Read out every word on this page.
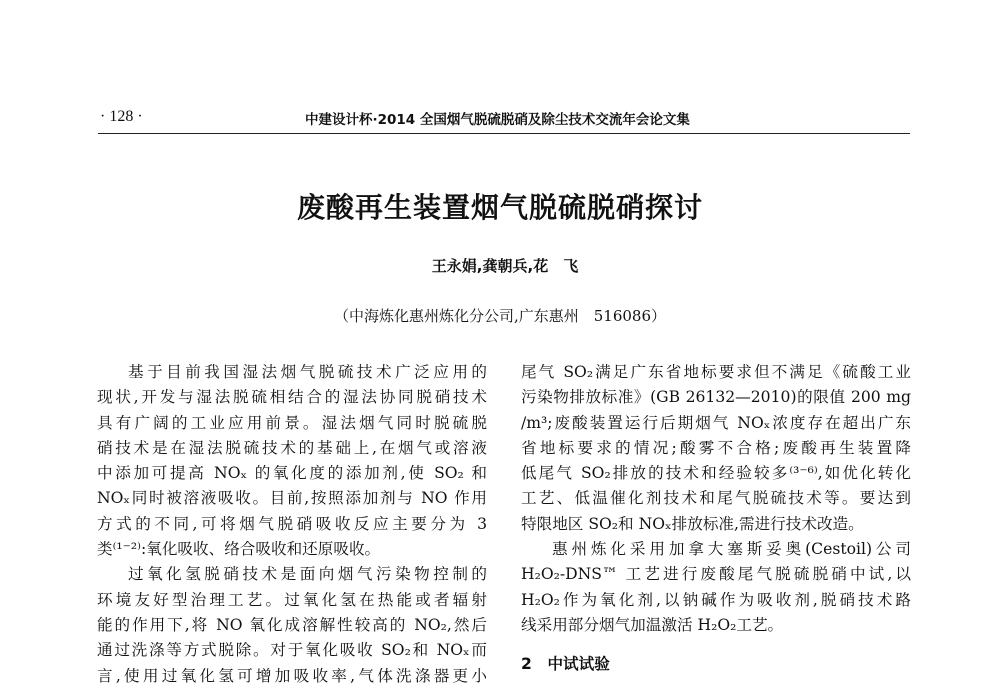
· 128 ·	中建设计杯·2014 全国烟气脱硫脱硝及除尘技术交流年会论文集
废酸再生装置烟气脱硫脱硝探讨
王永娟,龚朝兵,花　飞
（中海炼化惠州炼化分公司,广东惠州　516086）
基于目前我国湿法烟气脱硫技术广泛应用的
现状,开发与湿法脱硫相结合的湿法协同脱硝技术
具有广阔的工业应用前景。湿法烟气同时脱硫脱
硝技术是在湿法脱硫技术的基础上,在烟气或溶液
中添加可提高 NOₓ 的氧化度的添加剂,使 SO₂ 和
NOₓ同时被溶液吸收。目前,按照添加剂与 NO 作用
方式的不同,可将烟气脱硝吸收反应主要分为 3
类⁽¹⁻²⁾:氧化吸收、络合吸收和还原吸收。
过氧化氢脱硝技术是面向烟气污染物控制的
环境友好型治理工艺。过氧化氢在热能或者辐射
能的作用下,将 NO 氧化成溶解性较高的 NO₂,然后
通过洗涤等方式脱除。对于氧化吸收 SO₂和 NOₓ而
言,使用过氧化氢可增加吸收率,气体洗涤器更小
尾气 SO₂满足广东省地标要求但不满足《硫酸工业
污染物排放标准》(GB 26132—2010)的限值 200 mg
/m³;废酸装置运行后期烟气 NOₓ浓度存在超出广东
省地标要求的情况;酸雾不合格;废酸再生装置降
低尾气 SO₂排放的技术和经验较多⁽³⁻⁶⁾,如优化转化
工艺、低温催化剂技术和尾气脱硫技术等。要达到
特限地区 SO₂和 NOₓ排放标准,需进行技术改造。
惠州炼化采用加拿大塞斯妥奥(Cestoil)公司
H₂O₂-DNS™ 工艺进行废酸尾气脱硫脱硝中试,以
H₂O₂作为氧化剂,以钠碱作为吸收剂,脱硝技术路
线采用部分烟气加温激活 H₂O₂工艺。
2　中试试验
